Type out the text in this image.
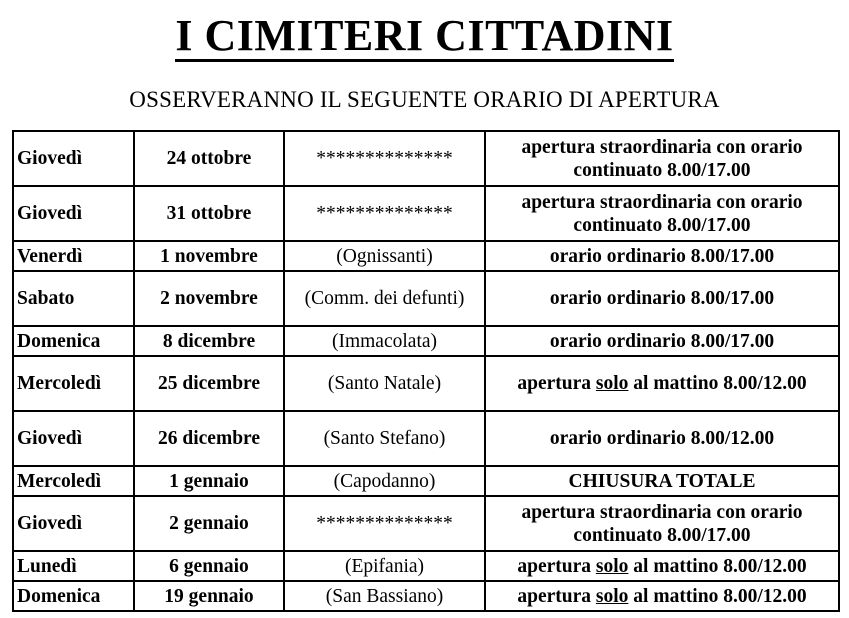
I CIMITERI CITTADINI
OSSERVERANNO IL SEGUENTE ORARIO DI APERTURA
Giovedì	24 ottobre	**************	apertura straordinaria con orario continuato 8.00/17.00
Giovedì	31 ottobre	**************	apertura straordinaria con orario continuato 8.00/17.00
Venerdì	1 novembre	(Ognissanti)	orario ordinario 8.00/17.00
Sabato	2 novembre	(Comm. dei defunti)	orario ordinario 8.00/17.00
Domenica	8 dicembre	(Immacolata)	orario ordinario 8.00/17.00
Mercoledì	25 dicembre	(Santo Natale)	apertura solo al mattino 8.00/12.00
Giovedì	26 dicembre	(Santo Stefano)	orario ordinario 8.00/12.00
Mercoledì	1 gennaio	(Capodanno)	CHIUSURA TOTALE
Giovedì	2 gennaio	**************	apertura straordinaria con orario continuato 8.00/17.00
Lunedì	6 gennaio	(Epifania)	apertura solo al mattino 8.00/12.00
Domenica	19 gennaio	(San Bassiano)	apertura solo al mattino 8.00/12.00
